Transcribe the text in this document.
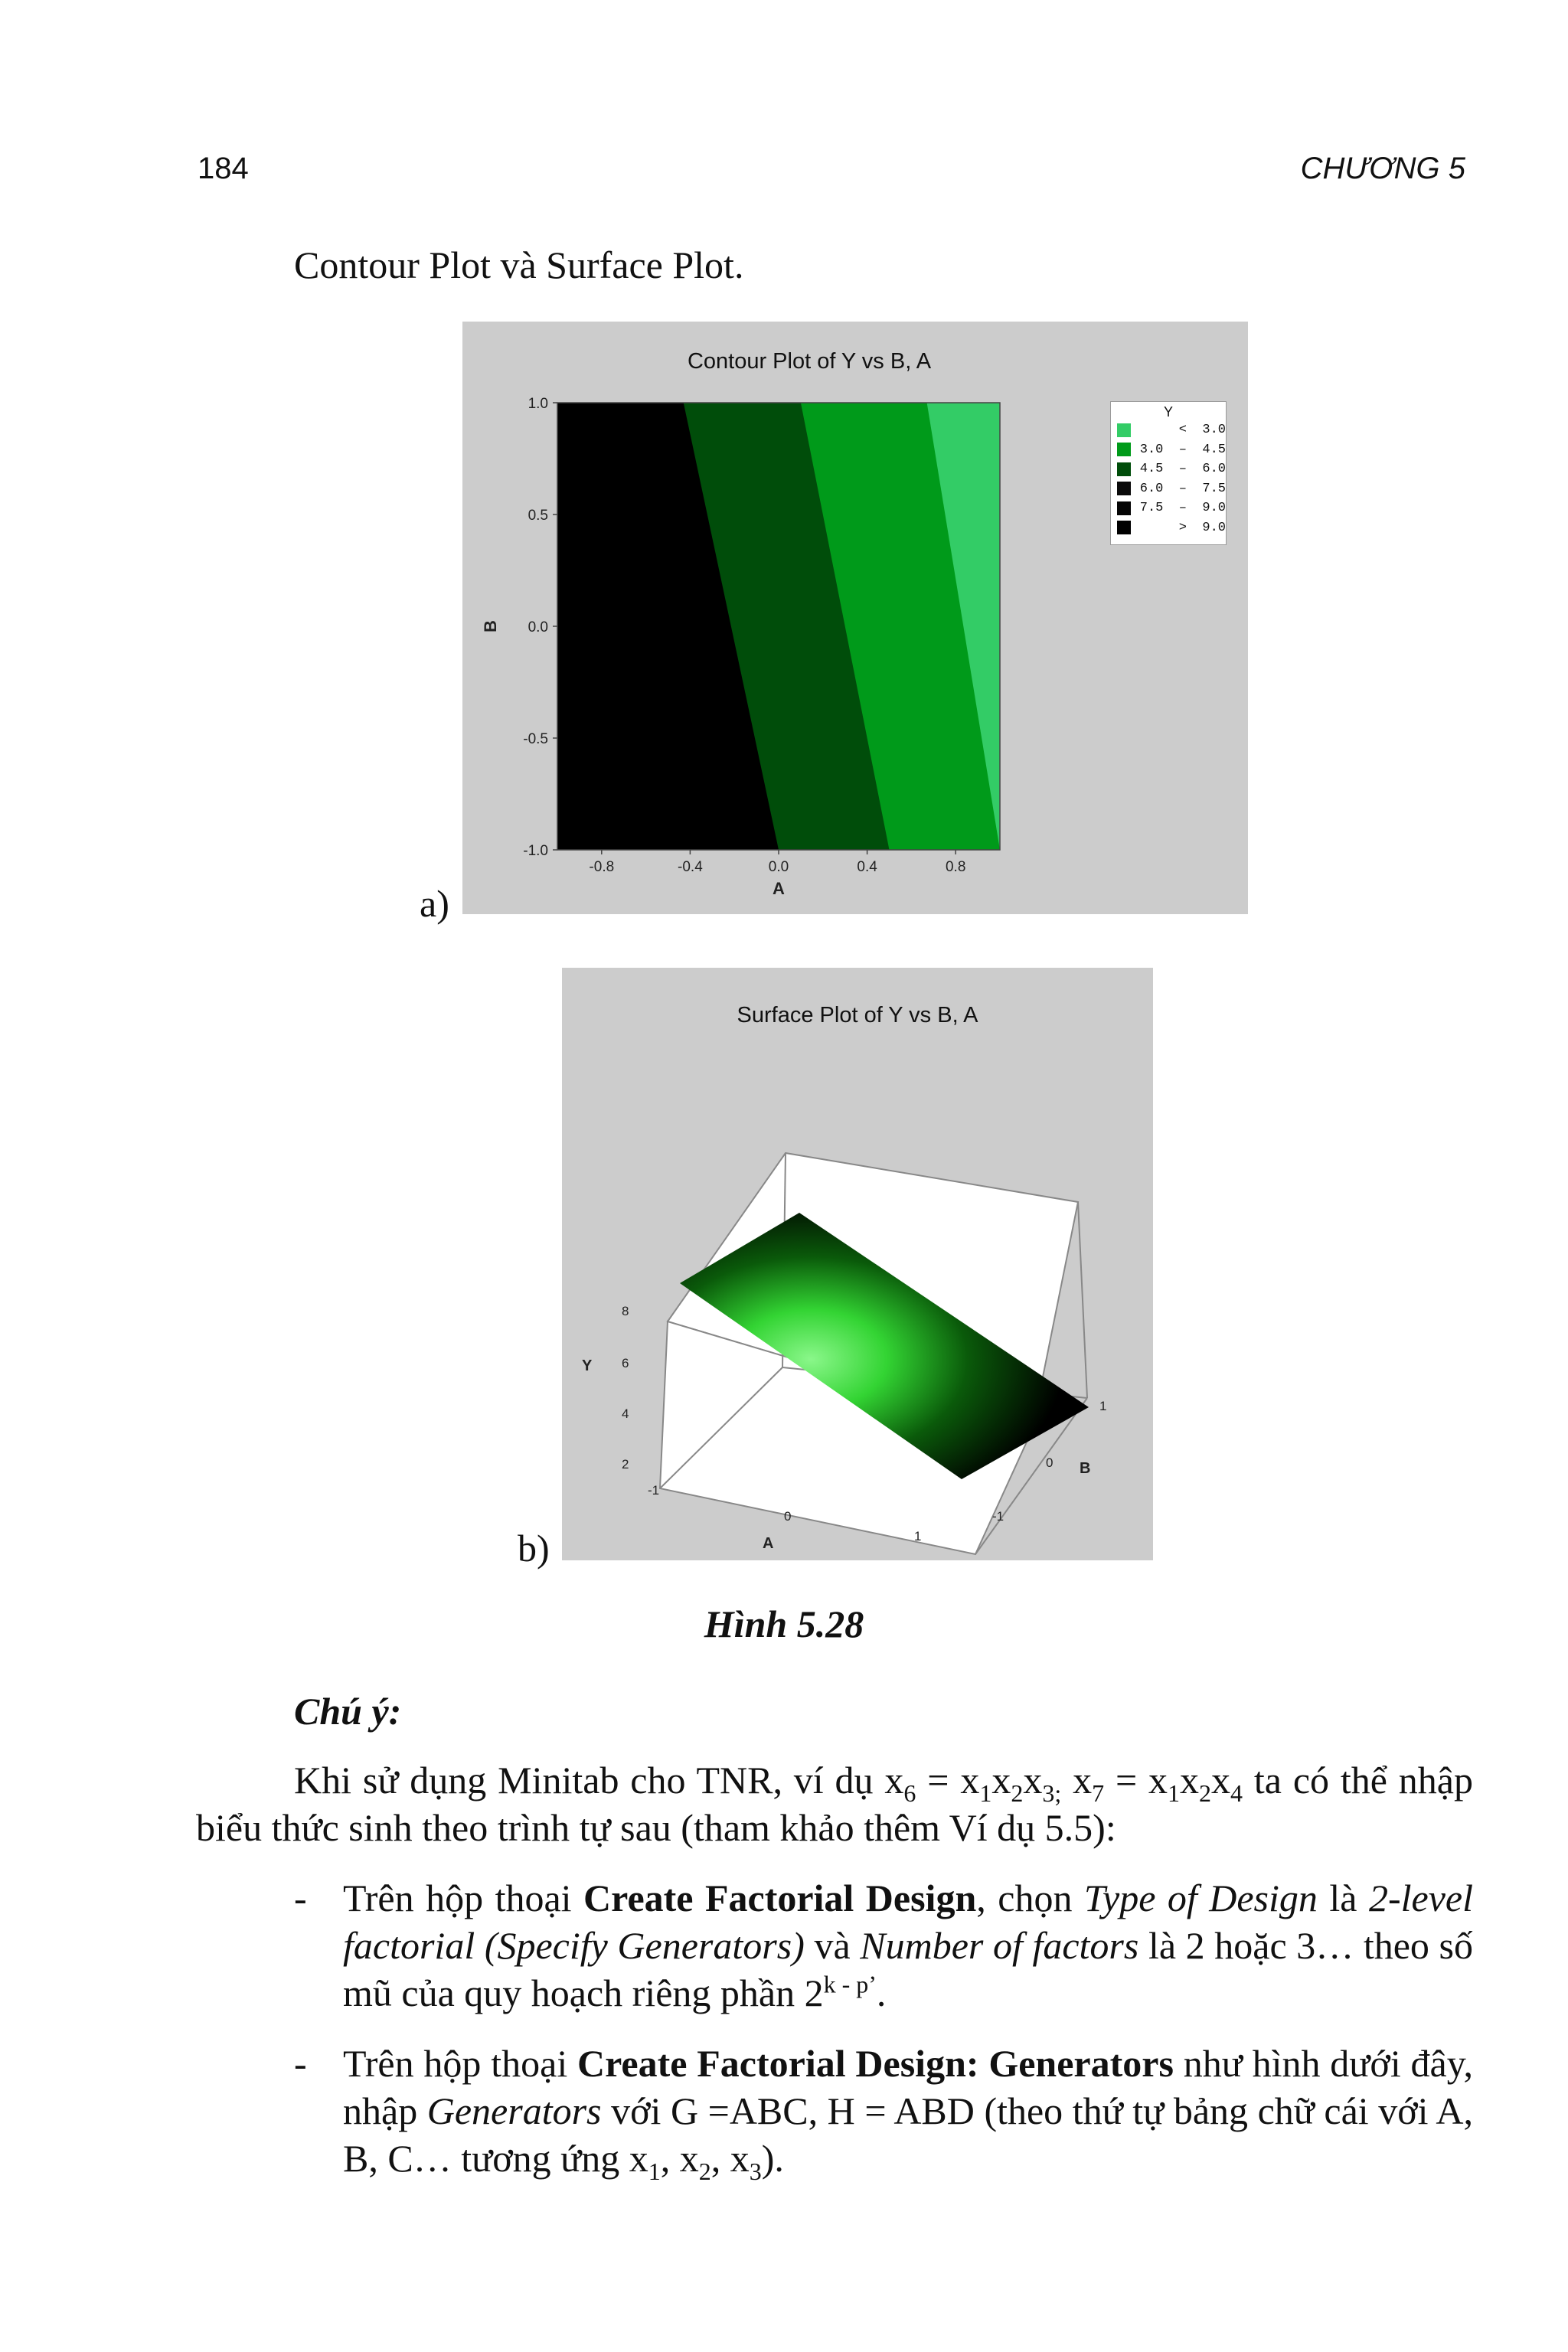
184	CHƯƠNG 5
Contour Plot và Surface Plot.
a)
Contour Plot of Y vs B, A
-0.8	-0.4	0.0	0.4	0.8
1.0
0.5
0.0
-0.5
-1.0
A
B
Y
<  3.0
3.0  –  4.5
4.5  –  6.0
6.0  –  7.5
7.5  –  9.0
>  9.0
b)
Surface Plot of Y vs B, A
8
6
4
2
-1
0
1
-1
0
1
Y
A
B
Hình 5.28
Chú ý:
Khi sử dụng Minitab cho TNR, ví dụ $x_6 = x_1x_2x_{3;}$ $x_7 = x_1x_2x_4$ ta có thể nhập biểu thức sinh theo trình tự sau (tham khảo thêm Ví dụ 5.5):
- Trên hộp thoại Create Factorial Design, chọn Type of Design là 2-level factorial (Specify Generators) và Number of factors là 2 hoặc 3… theo số mũ của quy hoạch riêng phần $2^{k - p’}$.
- Trên hộp thoại Create Factorial Design: Generators như hình dưới đây, nhập Generators với G =ABC, H = ABD (theo thứ tự bảng chữ cái với A, B, C… tương ứng $x_1$, $x_2$, $x_3$).
